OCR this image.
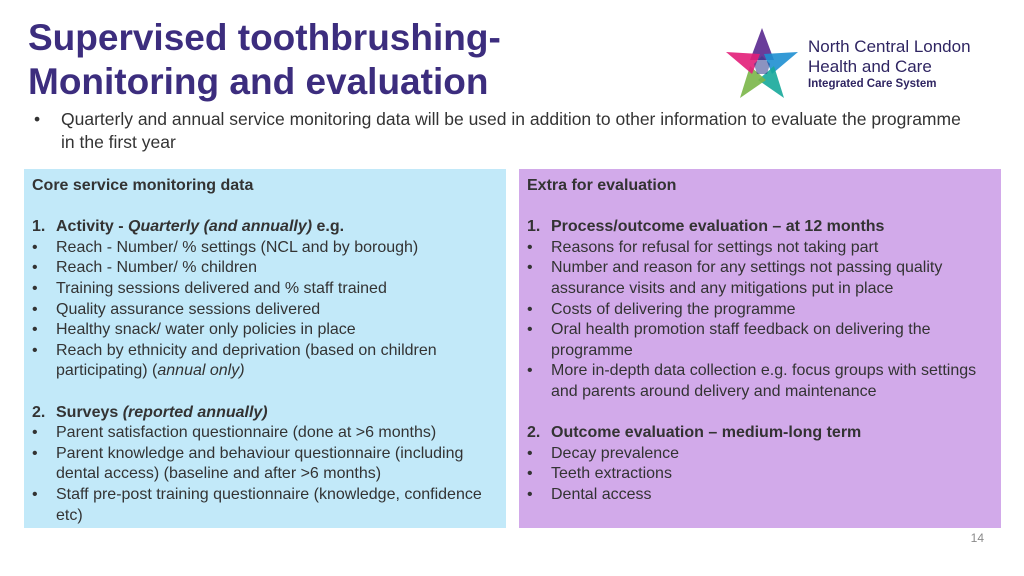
Supervised toothbrushing-
Monitoring and evaluation
North Central London
Health and Care
Integrated Care System
• Quarterly and annual service monitoring data will be used in addition to other information to evaluate the programme in the first year
Core service monitoring data
1. Activity - Quarterly (and annually) e.g.
• Reach - Number/ % settings (NCL and by borough)
• Reach - Number/ % children
• Training sessions delivered and % staff trained
• Quality assurance sessions delivered
• Healthy snack/ water only policies in place
• Reach by ethnicity and deprivation (based on children participating) (annual only)
2. Surveys (reported annually)
• Parent satisfaction questionnaire (done at >6 months)
• Parent knowledge and behaviour questionnaire (including dental access) (baseline and after >6 months)
• Staff pre-post training questionnaire (knowledge, confidence etc)
Extra for evaluation
1. Process/outcome evaluation – at 12 months
• Reasons for refusal for settings not taking part
• Number and reason for any settings not passing quality assurance visits and any mitigations put in place
• Costs of delivering the programme
• Oral health promotion staff feedback on delivering the programme
• More in-depth data collection e.g. focus groups with settings and parents around delivery and maintenance
2. Outcome evaluation – medium-long term
• Decay prevalence
• Teeth extractions
• Dental access
14
